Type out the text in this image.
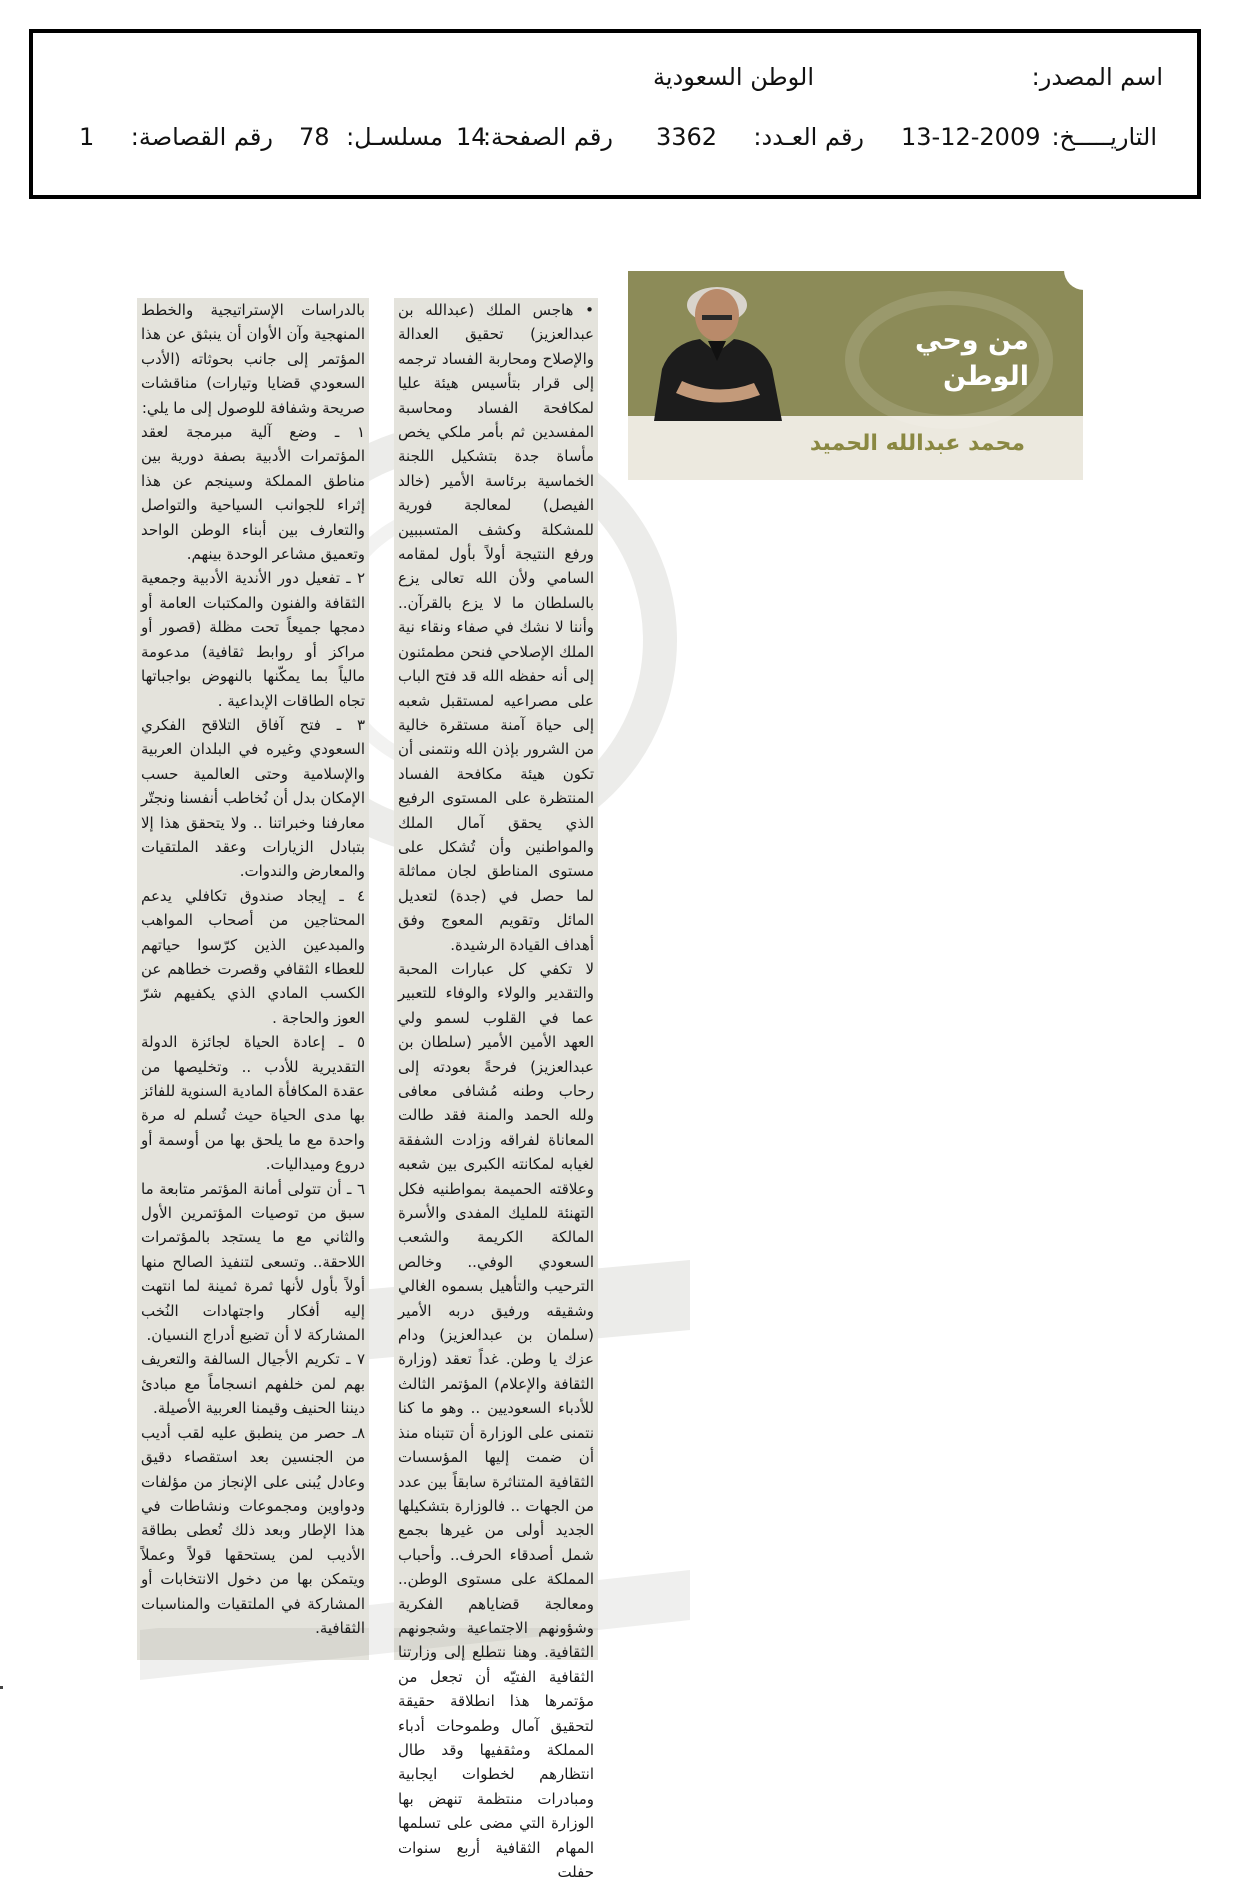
اسم المصدر:
الوطن السعودية
التاريـــــخ:
13-12-2009
رقم العـدد:
3362
رقم الصفحة:
14
مسلسـل:
78
رقم القصاصة:
1
من وحي
الوطن
محمد عبدالله الحميد

• هاجس الملك (عبدالله بن عبدالعزيز) تحقيق العدالة والإصلاح ومحاربة الفساد ترجمه إلى قرار بتأسيس هيئة عليا لمكافحة الفساد ومحاسبة المفسدين ثم بأمر ملكي يخص مأساة جدة بتشكيل اللجنة الخماسية برئاسة الأمير (خالد الفيصل) لمعالجة فورية للمشكلة وكشف المتسببين ورفع النتيجة أولاً بأول لمقامه السامي ولأن الله تعالى يزع بالسلطان ما لا يزع بالقرآن.. وأننا لا نشك في صفاء ونقاء نية الملك الإصلاحي فنحن مطمئنون إلى أنه حفظه الله قد فتح الباب على مصراعيه لمستقبل شعبه إلى حياة آمنة مستقرة خالية من الشرور بإذن الله ونتمنى أن تكون هيئة مكافحة الفساد المنتظرة على المستوى الرفيع الذي يحقق آمال الملك والمواطنين وأن تُشكل على مستوى المناطق لجان مماثلة لما حصل في (جدة) لتعديل المائل وتقويم المعوج وفق أهداف القيادة الرشيدة.
لا تكفي كل عبارات المحبة والتقدير والولاء والوفاء للتعبير عما في القلوب لسمو ولي العهد الأمين الأمير (سلطان بن عبدالعزيز) فرحةً بعودته إلى رحاب وطنه مُشافى معافى ولله الحمد والمنة فقد طالت المعاناة لفراقه وزادت الشفقة لغيابه لمكانته الكبرى بين شعبه وعلاقته الحميمة بمواطنيه فكل التهنئة للمليك المفدى والأسرة المالكة الكريمة والشعب السعودي الوفي.. وخالص الترحيب والتأهيل بسموه الغالي وشقيقه ورفيق دربه الأمير (سلمان بن عبدالعزيز) ودام عزك يا وطن. غداً تعقد (وزارة الثقافة والإعلام) المؤتمر الثالث للأدباء السعوديين .. وهو ما كنا نتمنى على الوزارة أن تتبناه منذ أن ضمت إليها المؤسسات الثقافية المتناثرة سابقاً بين عدد من الجهات .. فالوزارة بتشكيلها الجديد أولى من غيرها بجمع شمل أصدقاء الحرف.. وأحباب المملكة على مستوى الوطن.. ومعالجة قضاياهم الفكرية وشؤونهم الاجتماعية وشجونهم الثقافية. وهنا نتطلع إلى وزارتنا الثقافية الفتيّه أن تجعل من مؤتمرها هذا انطلاقة حقيقة لتحقيق آمال وطموحات أدباء المملكة ومثقفيها وقد طال انتظارهم لخطوات ايجابية ومبادرات منتظمة تنهض بها الوزارة التي مضى على تسلمها المهام الثقافية أربع سنوات حفلت

بالدراسات الإستراتيجية والخطط المنهجية وآن الأوان أن ينبثق عن هذا المؤتمر إلى جانب بحوثاته (الأدب السعودي قضايا وتيارات) مناقشات صريحة وشفافة للوصول إلى ما يلي:
١ ـ وضع آلية مبرمجة لعقد المؤتمرات الأدبية بصفة دورية بين مناطق المملكة وسينجم عن هذا إثراء للجوانب السياحية والتواصل والتعارف بين أبناء الوطن الواحد وتعميق مشاعر الوحدة بينهم.
٢ ـ تفعيل دور الأندية الأدبية وجمعية الثقافة والفنون والمكتبات العامة أو دمجها جميعاً تحت مظلة (قصور أو مراكز أو روابط ثقافية) مدعومة مالياً بما يمكّنها بالنهوض بواجباتها تجاه الطاقات الإبداعية .
٣ ـ فتح آفاق التلاقح الفكري السعودي وغيره في البلدان العربية والإسلامية وحتى العالمية حسب الإمكان بدل أن نُخاطب أنفسنا ونجتّر معارفنا وخبراتنا .. ولا يتحقق هذا إلا بتبادل الزيارات وعقد الملتقيات والمعارض والندوات.
٤ ـ إيجاد صندوق تكافلي يدعم المحتاجين من أصحاب المواهب والمبدعين الذين كرّسوا حياتهم للعطاء الثقافي وقصرت خطاهم عن الكسب المادي الذي يكفيهم شرّ العوز والحاجة .
٥ ـ إعادة الحياة لجائزة الدولة التقديرية للأدب .. وتخليصها من عقدة المكافأة المادية السنوية للفائز بها مدى الحياة حيث تُسلم له مرة واحدة مع ما يلحق بها من أوسمة أو دروع وميداليات.
٦ ـ أن تتولى أمانة المؤتمر متابعة ما سبق من توصيات المؤتمرين الأول والثاني مع ما يستجد بالمؤتمرات اللاحقة.. وتسعى لتنفيذ الصالح منها أولاً بأول لأنها ثمرة ثمينة لما انتهت إليه أفكار واجتهادات النُخب المشاركة لا أن تضيع أدراج النسيان.
٧ ـ تكريم الأجيال السالفة والتعريف بهم لمن خلفهم انسجاماً مع مبادئ ديننا الحنيف وقيمنا العربية الأصيلة.
٨ـ حصر من ينطبق عليه لقب أديب من الجنسين بعد استقصاء دقيق وعادل يُبنى على الإنجاز من مؤلفات ودواوين ومجموعات ونشاطات في هذا الإطار وبعد ذلك تُعطى بطاقة الأديب لمن يستحقها قولاً وعملاً ويتمكن بها من دخول الانتخابات أو المشاركة في الملتقيات والمناسبات الثقافية.
